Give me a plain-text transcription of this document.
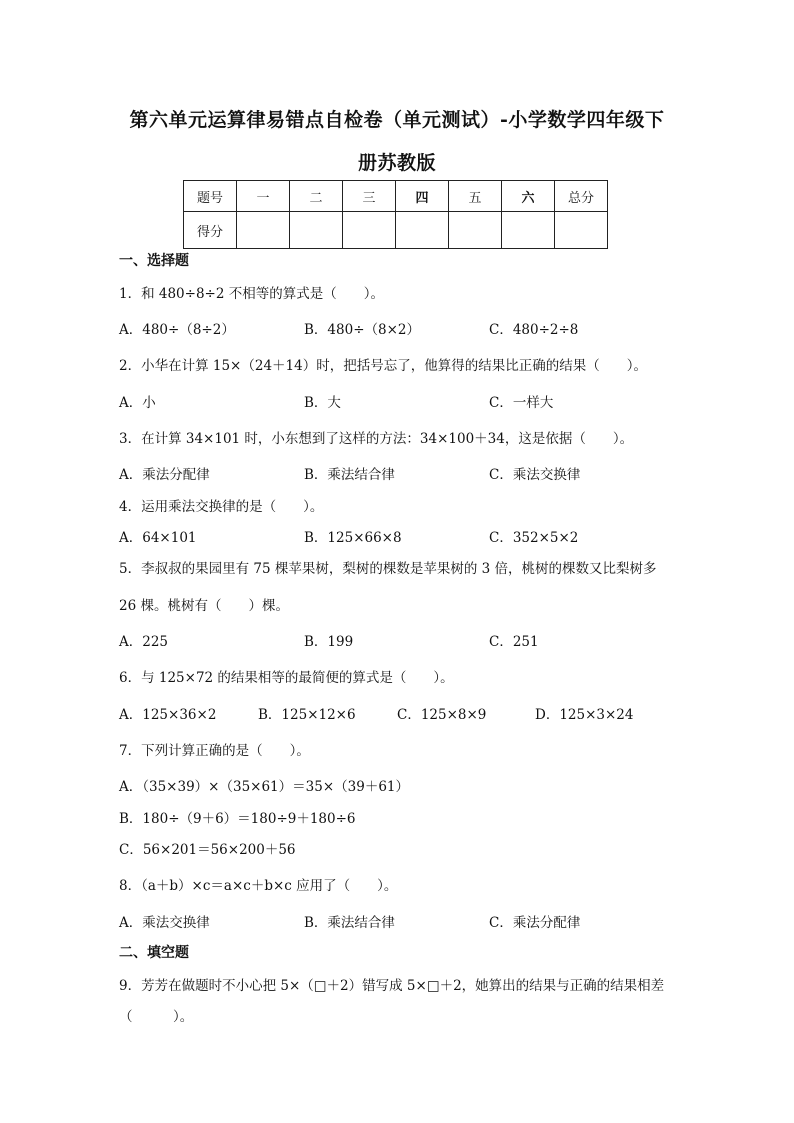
第六单元运算律易错点自检卷（单元测试）-小学数学四年级下
册苏教版
题号	一	二	三	四	五	六	总分
得分							
一、选择题
1．和 480÷8÷2 不相等的算式是（　　）。
A．480÷（8÷2）	B．480÷（8×2）	C．480÷2÷8
2．小华在计算 15×（24＋14）时，把括号忘了，他算得的结果比正确的结果（　　）。
A．小	B．大	C．一样大
3．在计算 34×101 时，小东想到了这样的方法：34×100＋34，这是依据（　　）。
A．乘法分配律	B．乘法结合律	C．乘法交换律
4．运用乘法交换律的是（　　）。
A．64×101	B．125×66×8	C．352×5×2
5．李叔叔的果园里有 75 棵苹果树，梨树的棵数是苹果树的 3 倍，桃树的棵数又比梨树多
26 棵。桃树有（　　）棵。
A．225	B．199	C．251
6．与 125×72 的结果相等的最简便的算式是（　　）。
A．125×36×2	B．125×12×6	C．125×8×9	D．125×3×24
7．下列计算正确的是（　　）。
A．（35×39）×（35×61）＝35×（39＋61）
B．180÷（9＋6）＝180÷9＋180÷6
C．56×201＝56×200＋56
8．（a＋b）×c＝a×c＋b×c 应用了（　　）。
A．乘法交换律	B．乘法结合律	C．乘法分配律
二、填空题
9．芳芳在做题时不小心把 5×（□＋2）错写成 5×□＋2，她算出的结果与正确的结果相差
（　　　）。
